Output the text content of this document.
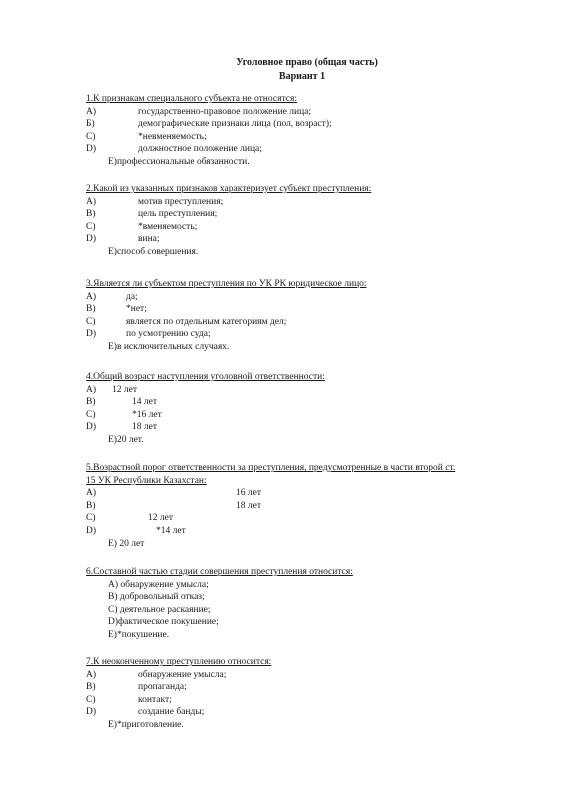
Уголовное право (общая часть)
Вариант 1
1.К признакам специального субъекта не относятся:
A)	государственно-правовое положение лица;
Б)	демографические признаки лица (пол, возраст);
C)	*невменяемость;
D)	должностное положение лица;
E)профессиональные обязанности.
2.Какой из указанных признаков характеризует субъект преступления:
A)	мотив преступления;
B)	цель преступления;
C)	*вменяемость;
D)	вина;
E)способ совершения.
3.Является ли субъектом преступления по УК РК юридическое лицо:
A)	да;
B)	*нет;
C)	является по отдельным категориям дел;
D)	по усмотрению суда;
E)в исключительных случаях.
4.Общий возраст наступления уголовной ответственности:
A) 12 лет
B)	14 лет
C)	*16 лет
D)	18 лет
E)20 лет.
5.Возрастной порог ответственности за преступления, предусмотренные в части второй ст.
15 УК Республики Казахстан:
A)	16 лет
B)	18 лет
C)	12 лет
D)	*14 лет
E) 20 лет
6.Составной частью стадии совершения преступления относится:
A) обнаружение умысла;
B) добровольный отказ;
C) деятельное раскаяние;
D)фактическое покушение;
E)*покушение.
7.К неоконченному преступлению относится:
A)	обнаружение умысла;
B)	пропаганда;
C)	контакт;
D)	создание банды;
E)*приготовление.
